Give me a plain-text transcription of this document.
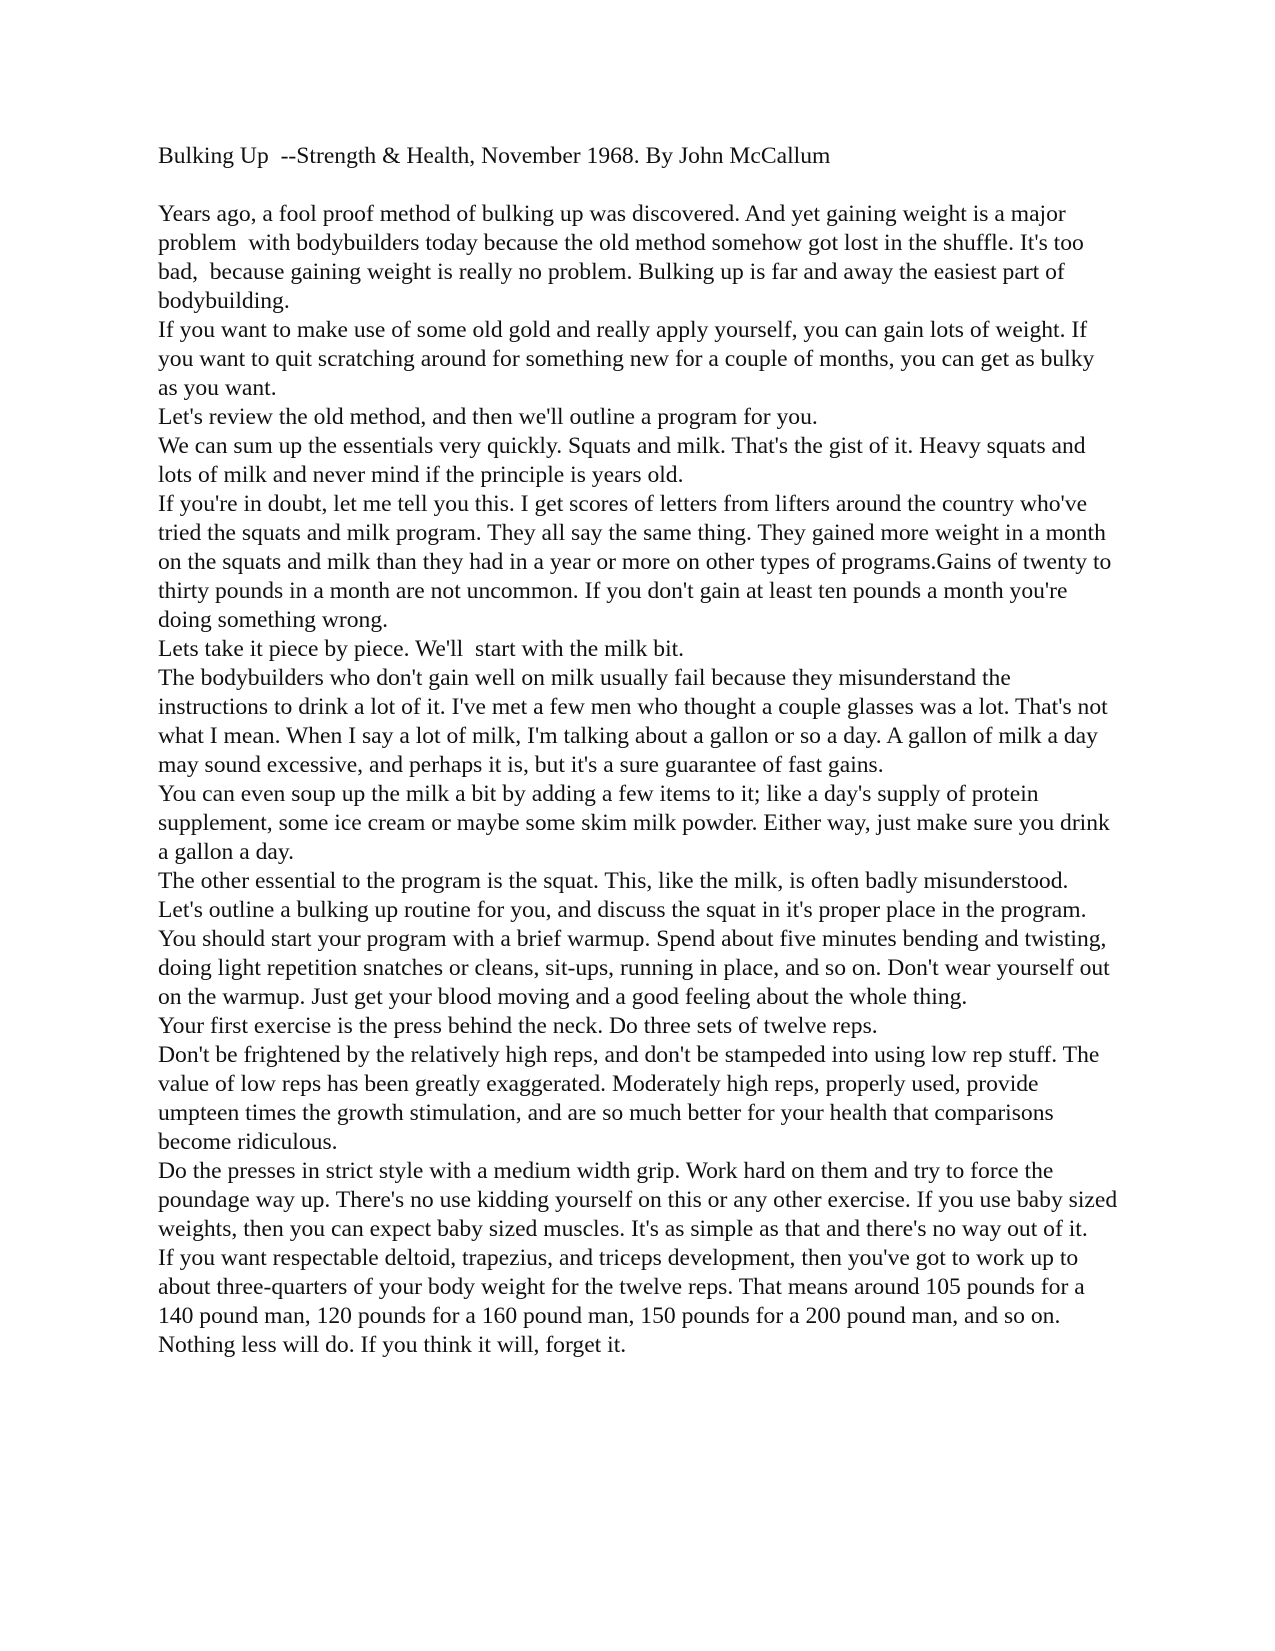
Bulking Up  --Strength & Health, November 1968. By John McCallum

Years ago, a fool proof method of bulking up was discovered. And yet gaining weight is a major problem  with bodybuilders today because the old method somehow got lost in the shuffle. It's too bad,  because gaining weight is really no problem. Bulking up is far and away the easiest part of bodybuilding.

If you want to make use of some old gold and really apply yourself, you can gain lots of weight. If you want to quit scratching around for something new for a couple of months, you can get as bulky as you want.

Let's review the old method, and then we'll outline a program for you.

We can sum up the essentials very quickly. Squats and milk. That's the gist of it. Heavy squats and lots of milk and never mind if the principle is years old.

If you're in doubt, let me tell you this. I get scores of letters from lifters around the country who've tried the squats and milk program. They all say the same thing. They gained more weight in a month on the squats and milk than they had in a year or more on other types of programs.Gains of twenty to thirty pounds in a month are not uncommon. If you don't gain at least ten pounds a month you're doing something wrong.

Lets take it piece by piece. We'll  start with the milk bit.

The bodybuilders who don't gain well on milk usually fail because they misunderstand the instructions to drink a lot of it. I've met a few men who thought a couple glasses was a lot. That's not what I mean. When I say a lot of milk, I'm talking about a gallon or so a day. A gallon of milk a day may sound excessive, and perhaps it is, but it's a sure guarantee of fast gains.

You can even soup up the milk a bit by adding a few items to it; like a day's supply of protein supplement, some ice cream or maybe some skim milk powder. Either way, just make sure you drink a gallon a day.

The other essential to the program is the squat. This, like the milk, is often badly misunderstood. Let's outline a bulking up routine for you, and discuss the squat in it's proper place in the program.

You should start your program with a brief warmup. Spend about five minutes bending and twisting, doing light repetition snatches or cleans, sit-ups, running in place, and so on. Don't wear yourself out on the warmup. Just get your blood moving and a good feeling about the whole thing.

Your first exercise is the press behind the neck. Do three sets of twelve reps.

Don't be frightened by the relatively high reps, and don't be stampeded into using low rep stuff. The value of low reps has been greatly exaggerated. Moderately high reps, properly used, provide umpteen times the growth stimulation, and are so much better for your health that comparisons become ridiculous.

Do the presses in strict style with a medium width grip. Work hard on them and try to force the poundage way up. There's no use kidding yourself on this or any other exercise. If you use baby sized weights, then you can expect baby sized muscles. It's as simple as that and there's no way out of it.

If you want respectable deltoid, trapezius, and triceps development, then you've got to work up to about three-quarters of your body weight for the twelve reps. That means around 105 pounds for a 140 pound man, 120 pounds for a 160 pound man, 150 pounds for a 200 pound man, and so on.  Nothing less will do. If you think it will, forget it.
